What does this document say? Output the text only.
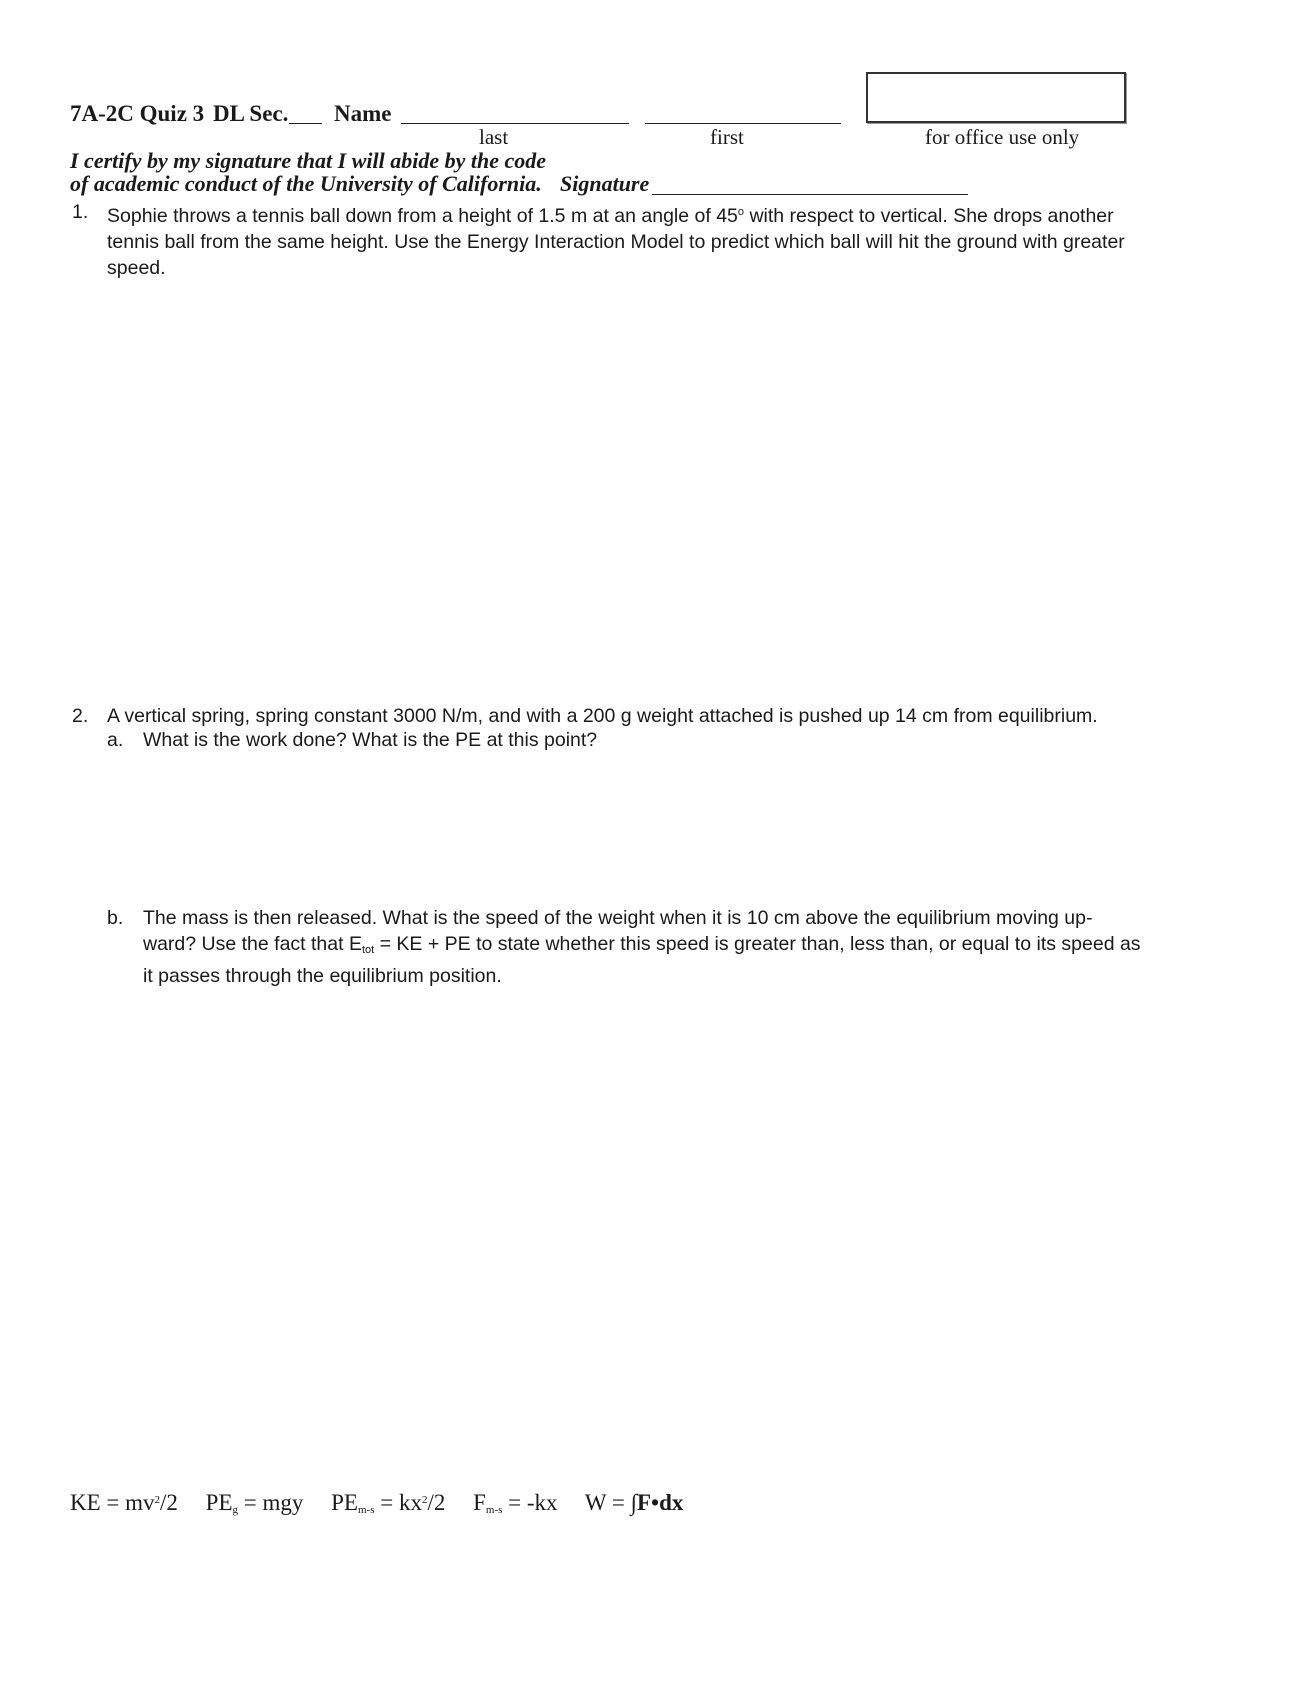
7A-2C Quiz 3 DL Sec. Name
last	first	for office use only
I certify by my signature that I will abide by the code
of academic conduct of the University of California. Signature
1. Sophie throws a tennis ball down from a height of 1.5 m at an angle of 45$^o$ with respect to vertical. She drops another tennis ball from the same height. Use the Energy Interaction Model to predict which ball will hit the ground with greater speed.
2. A vertical spring, spring constant 3000 N/m, and with a 200 g weight attached is pushed up 14 cm from equilibrium.
a. What is the work done? What is the PE at this point?
b. The mass is then released. What is the speed of the weight when it is 10 cm above the equilibrium moving up-ward? Use the fact that $E_{tot}$ = KE + PE to state whether this speed is greater than, less than, or equal to its speed as it passes through the equilibrium position.
KE = $mv^2/2$ $PE_g$ = mgy $PE_{m-s} = kx^2/2$ $F_{m-s} = -kx$ W = ∫F•dx
